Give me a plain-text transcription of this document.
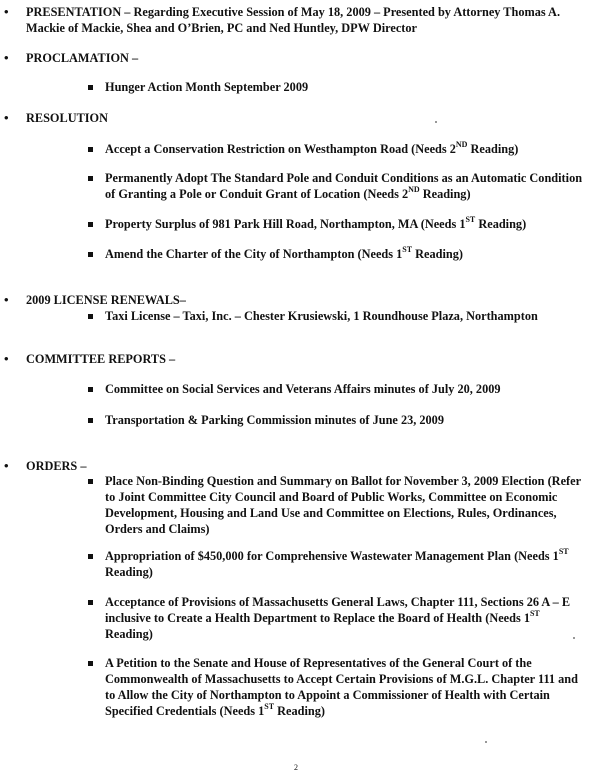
• PRESENTATION – Regarding Executive Session of May 18, 2009 – Presented by Attorney Thomas A. Mackie of Mackie, Shea and O’Brien, PC and Ned Huntley, DPW Director
• PROCLAMATION –
Hunger Action Month September 2009
• RESOLUTION
Accept a Conservation Restriction on Westhampton Road (Needs 2ND Reading)
Permanently Adopt The Standard Pole and Conduit Conditions as an Automatic Condition of Granting a Pole or Conduit Grant of Location (Needs 2ND Reading)
Property Surplus of 981 Park Hill Road, Northampton, MA (Needs 1ST Reading)
Amend the Charter of the City of Northampton (Needs 1ST Reading)
• 2009 LICENSE RENEWALS–
Taxi License – Taxi, Inc. – Chester Krusiewski, 1 Roundhouse Plaza, Northampton
• COMMITTEE REPORTS –
Committee on Social Services and Veterans Affairs minutes of July 20, 2009
Transportation & Parking Commission minutes of June 23, 2009
• ORDERS –
Place Non-Binding Question and Summary on Ballot for November 3, 2009 Election (Refer to Joint Committee City Council and Board of Public Works, Committee on Economic Development, Housing and Land Use and Committee on Elections, Rules, Ordinances, Orders and Claims)
Appropriation of $450,000 for Comprehensive Wastewater Management Plan (Needs 1ST Reading)
Acceptance of Provisions of Massachusetts General Laws, Chapter 111, Sections 26 A – E inclusive to Create a Health Department to Replace the Board of Health (Needs 1ST Reading)
A Petition to the Senate and House of Representatives of the General Court of the Commonwealth of Massachusetts to Accept Certain Provisions of M.G.L. Chapter 111 and to Allow the City of Northampton to Appoint a Commissioner of Health with Certain Specified Credentials (Needs 1ST Reading)
2
